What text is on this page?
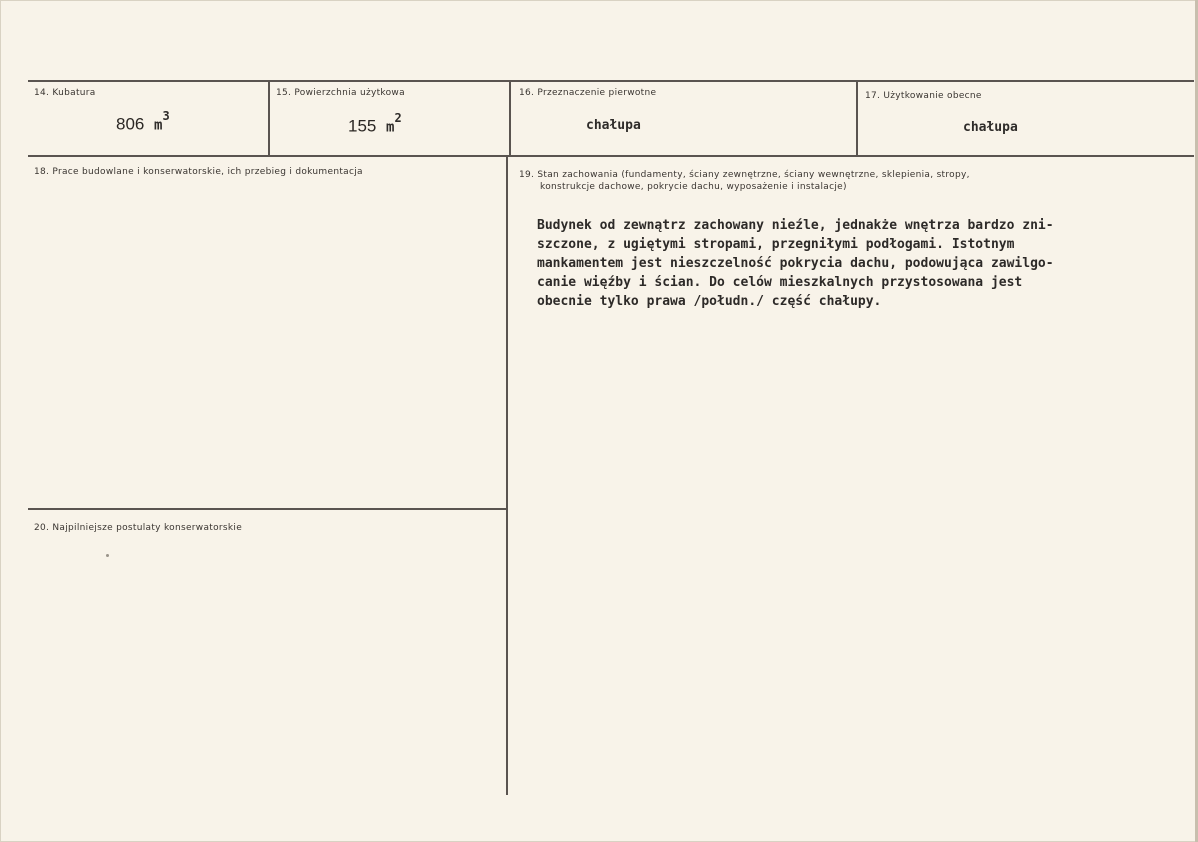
14. Kubatura
806 $m^3$
15. Powierzchnia użytkowa
155 $m^2$
16. Przeznaczenie pierwotne
chałupa
17. Użytkowanie obecne
chałupa
18. Prace budowlane i konserwatorskie, ich przebieg i dokumentacja	19. Stan zachowania (fundamenty, ściany zewnętrzne, ściany wewnętrzne, sklepienia, stropy,
konstrukcje dachowe, pokrycie dachu, wyposażenie i instalacje)
Budynek od zewnątrz zachowany nieźle, jednakże wnętrza bardzo zni-
szczone, z ugiętymi stropami, przegniłymi podłogami. Istotnym
mankamentem jest nieszczelność pokrycia dachu, podowująca zawilgo-
canie więźby i ścian. Do celów mieszkalnych przystosowana jest
obecnie tylko prawa /połudn./ część chałupy.
20. Najpilniejsze postulaty konserwatorskie
